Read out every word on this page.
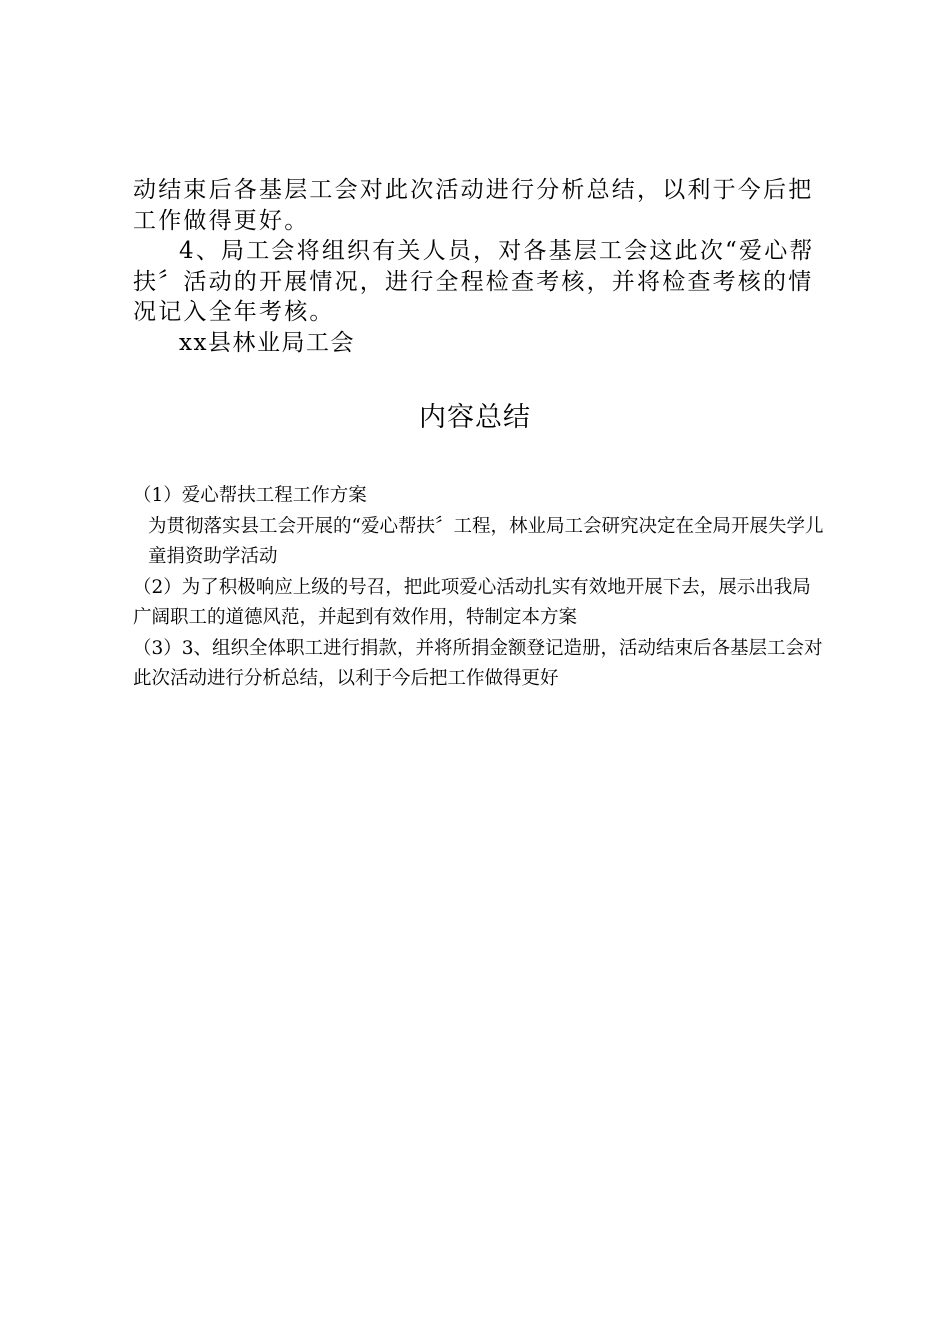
动结束后各基层工会对此次活动进行分析总结，以利于今后把工作做得更好。

4、局工会将组织有关人员，对各基层工会这此次“爱心帮扶〞活动的开展情况，进行全程检查考核，并将检查考核的情况记入全年考核。

xx县林业局工会
内容总结

（1）爱心帮扶工程工作方案

为贯彻落实县工会开展的“爱心帮扶〞工程，林业局工会研究决定在全局开展失学儿童捐资助学活动

（2）为了积极响应上级的号召，把此项爱心活动扎实有效地开展下去，展示出我局广阔职工的道德风范，并起到有效作用，特制定本方案

（3）3、组织全体职工进行捐款，并将所捐金额登记造册，活动结束后各基层工会对此次活动进行分析总结，以利于今后把工作做得更好
